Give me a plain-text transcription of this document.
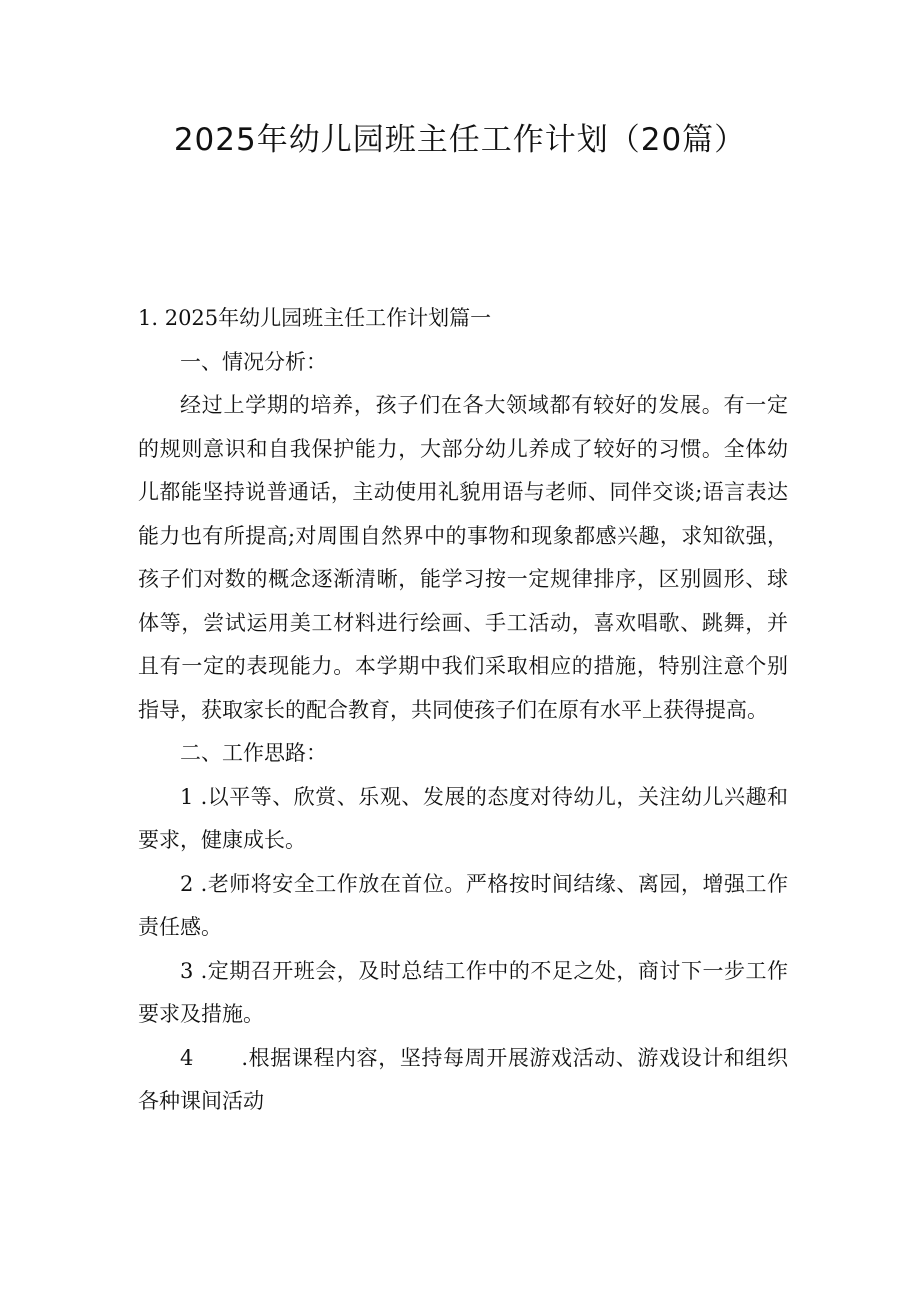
2025年幼儿园班主任工作计划（20篇）

1. 2025年幼儿园班主任工作计划篇一

一、情况分析：

经过上学期的培养，孩子们在各大领域都有较好的发展。有一定的规则意识和自我保护能力，大部分幼儿养成了较好的习惯。全体幼儿都能坚持说普通话，主动使用礼貌用语与老师、同伴交谈;语言表达能力也有所提高;对周围自然界中的事物和现象都感兴趣，求知欲强，孩子们对数的概念逐渐清晰，能学习按一定规律排序，区别圆形、球体等，尝试运用美工材料进行绘画、手工活动，喜欢唱歌、跳舞，并且有一定的表现能力。本学期中我们采取相应的措施，特别注意个别指导，获取家长的配合教育，共同使孩子们在原有水平上获得提高。

二、工作思路：

1 .以平等、欣赏、乐观、发展的态度对待幼儿，关注幼儿兴趣和要求，健康成长。

2 .老师将安全工作放在首位。严格按时间结缘、离园，增强工作责任感。

3 .定期召开班会，及时总结工作中的不足之处，商讨下一步工作要求及措施。

4 .根据课程内容，坚持每周开展游戏活动、游戏设计和组织各种课间活动
